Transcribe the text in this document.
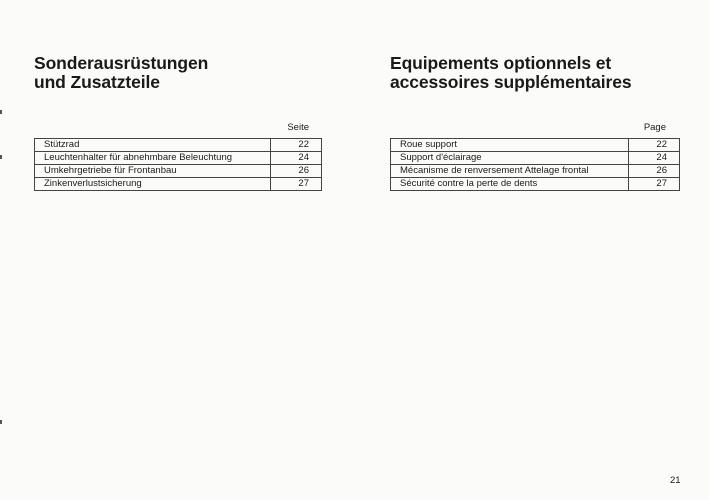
Sonderausrüstungen
und Zusatzteile
Seite
Stützrad	22
Leuchtenhalter für abnehmbare Beleuchtung	24
Umkehrgetriebe für Frontanbau	26
Zinkenverlustsicherung	27
Equipements optionnels et
accessoires supplémentaires
Page
Roue support	22
Support d'éclairage	24
Mécanisme de renversement Attelage frontal	26
Sécurité contre la perte de dents	27
21
